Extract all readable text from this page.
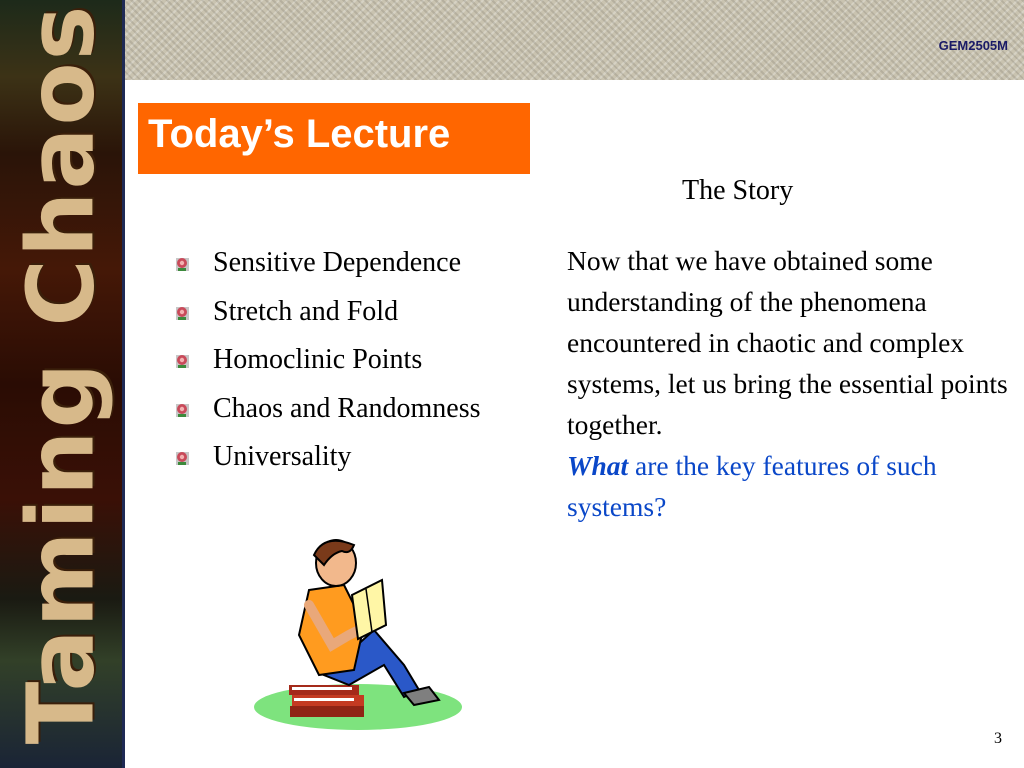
Taming Chaos	GEM2505M
Today’s Lecture
The Story
Sensitive Dependence
Stretch and Fold
Homoclinic Points
Chaos and Randomness
Universality
Now that we have obtained some understanding of the phenomena encountered in chaotic and complex systems, let us bring the essential points together.
What are the key features of such systems?
3
